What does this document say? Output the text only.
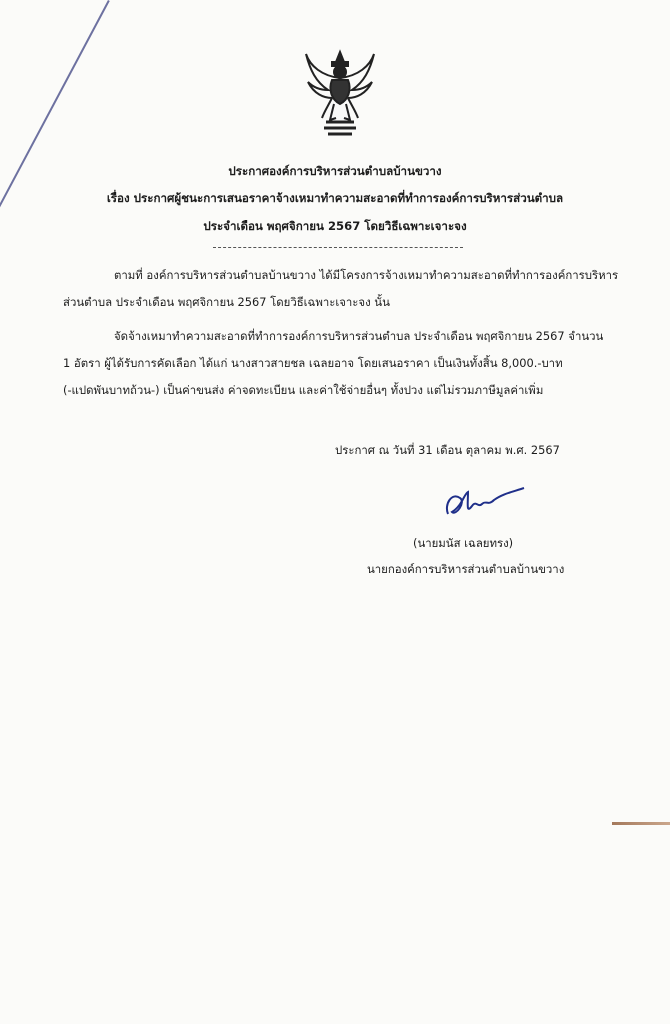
ประกาศองค์การบริหารส่วนตำบลบ้านขวาง
เรื่อง ประกาศผู้ชนะการเสนอราคาจ้างเหมาทำความสะอาดที่ทำการองค์การบริหารส่วนตำบล
ประจำเดือน พฤศจิกายน 2567 โดยวิธีเฉพาะเจาะจง
ตามที่ องค์การบริหารส่วนตำบลบ้านขวาง ได้มีโครงการจ้างเหมาทำความสะอาดที่ทำการองค์การบริหาร
ส่วนตำบล ประจำเดือน พฤศจิกายน 2567 โดยวิธีเฉพาะเจาะจง นั้น
จัดจ้างเหมาทำความสะอาดที่ทำการองค์การบริหารส่วนตำบล ประจำเดือน พฤศจิกายน 2567 จำนวน
1 อัตรา ผู้ได้รับการคัดเลือก ได้แก่ นางสาวสายชล เฉลยอาจ โดยเสนอราคา เป็นเงินทั้งสิ้น 8,000.-บาท
(-แปดพันบาทถ้วน-) เป็นค่าขนส่ง ค่าจดทะเบียน และค่าใช้จ่ายอื่นๆ ทั้งปวง แต่ไม่รวมภาษีมูลค่าเพิ่ม
ประกาศ ณ วันที่ 31 เดือน ตุลาคม พ.ศ. 2567
(นายมนัส เฉลยทรง)
นายกองค์การบริหารส่วนตำบลบ้านขวาง
